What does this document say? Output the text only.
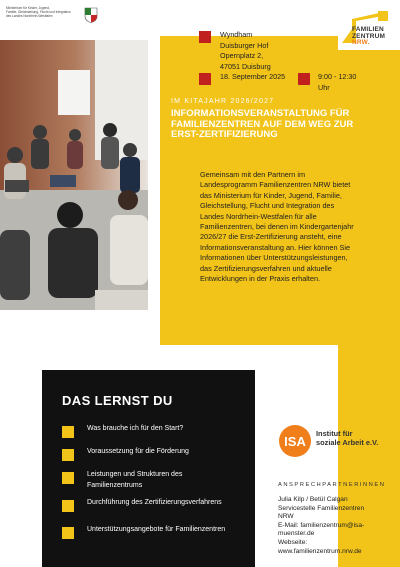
Ministerium für Kinder, Jugend,
Familie, Gleichstellung, Flucht und Integration
des Landes Nordrhein-Westfalen
FAMILIEN
ZENTRUM
NRW.
Wyndham
Duisburger Hof
Opernplatz 2,
47051 Duisburg
18. September 2025	9:00 - 12:30 Uhr
IM KITAJAHR 2026/2027
INFORMATIONSVERANSTALTUNG FÜR FAMILIENZENTREN AUF DEM WEG ZUR ERST-ZERTIFIZIERUNG
Gemeinsam mit den Partnern im Landesprogramm Familienzentren NRW bietet das Ministerium für Kinder, Jugend, Familie, Gleichstellung, Flucht und Integration des Landes Nordrhein-Westfalen für alle Familienzentren, bei denen im Kindergartenjahr 2026/27 die Erst-Zertifizierung ansteht, eine Informationsveranstaltung an. Hier können Sie Informationen über Unterstützungsleistungen, das Zertifizierungsverfahren und aktuelle Entwicklungen in der Praxis erhalten.
DAS LERNST DU
Was brauche ich für den Start?
Voraussetzung für die Förderung
Leistungen und Strukturen des Familienzentrums
Durchführung des Zertifizierungsverfahrens
Unterstützungsangebote für Familienzentren
ISA
Institut für
soziale Arbeit e.V.
ANSPRECHPARTNERINNEN
Julia Kilp / Betül Calgan
Servicestelle Familienzentren
NRW
E-Mail: familienzentrum@isa-
muenster.de
Webseite:
www.familienzentrum.nrw.de
